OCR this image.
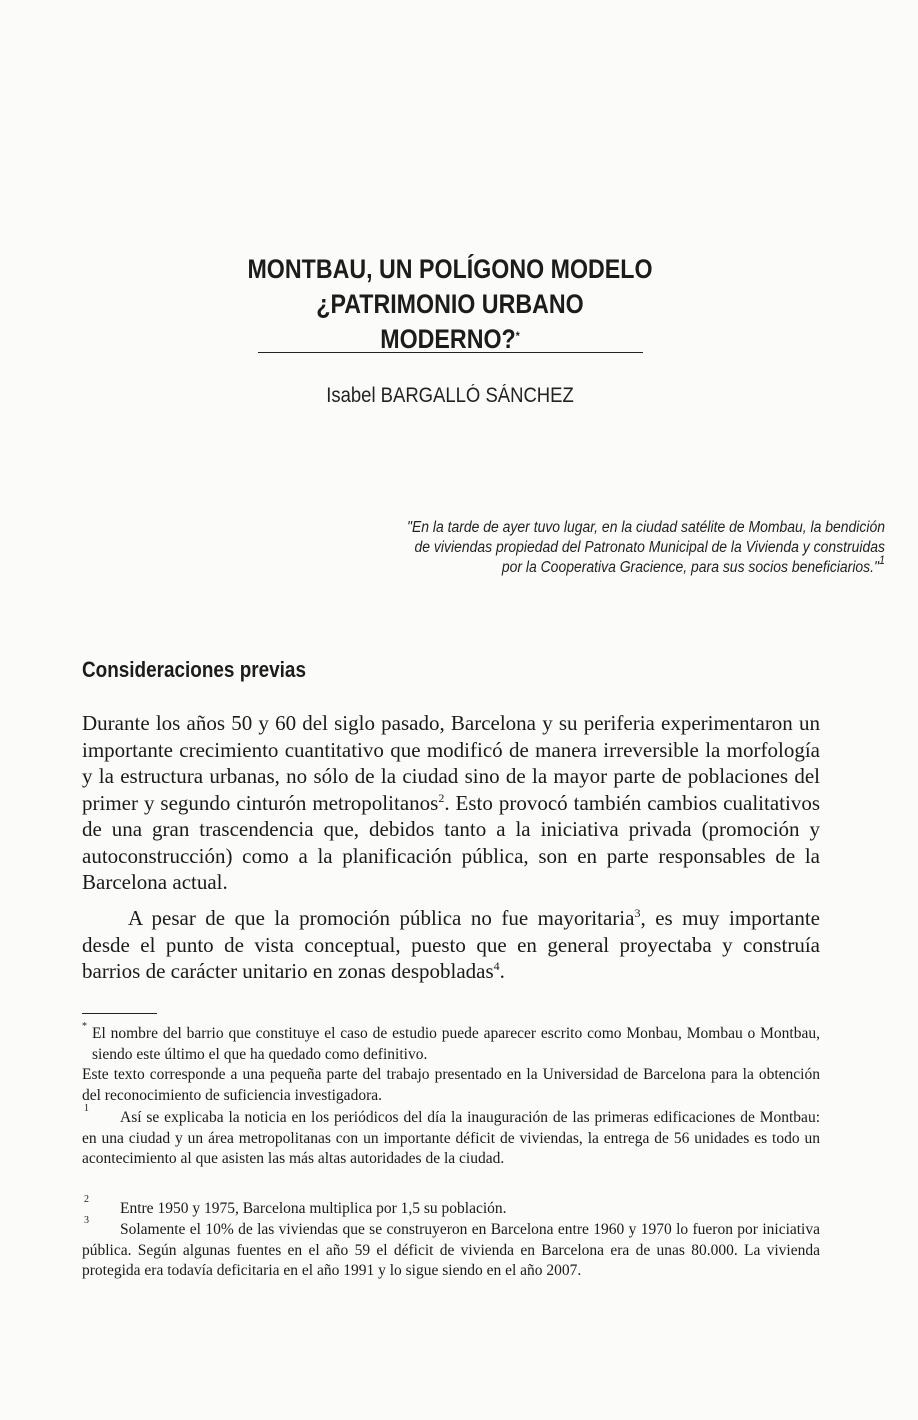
MONTBAU, UN POLÍGONO MODELO
¿PATRIMONIO URBANO
MODERNO?*
Isabel BARGALLÓ SÁNCHEZ
"En la tarde de ayer tuvo lugar, en la ciudad satélite de Mombau, la bendición
de viviendas propiedad del Patronato Municipal de la Vivienda y construidas
por la Cooperativa Gracience, para sus socios beneficiarios."$^1$
Consideraciones previas
Durante los años 50 y 60 del siglo pasado, Barcelona y su periferia experimentaron un importante crecimiento cuantitativo que modificó de manera irreversible la morfología y la estructura urbanas, no sólo de la ciudad sino de la mayor parte de poblaciones del primer y segundo cinturón metropolitanos$^2$. Esto provocó también cambios cualitativos de una gran trascendencia que, debidos tanto a la iniciativa privada (promoción y autoconstrucción) como a la planificación pública, son en parte responsables de la Barcelona actual.
A pesar de que la promoción pública no fue mayoritaria$^3$, es muy importante desde el punto de vista conceptual, puesto que en general proyectaba y construía barrios de carácter unitario en zonas despobladas$^4$.
* El nombre del barrio que constituye el caso de estudio puede aparecer escrito como Monbau, Mombau o Montbau, siendo este último el que ha quedado como definitivo.
Este texto corresponde a una pequeña parte del trabajo presentado en la Universidad de Barcelona para la obtención del reconocimiento de suficiencia investigadora.
1
Así se explicaba la noticia en los periódicos del día la inauguración de las primeras edificaciones de Montbau: en una ciudad y un área metropolitanas con un importante déficit de viviendas, la entrega de 56 unidades es todo un acontecimiento al que asisten las más altas autoridades de la ciudad.
2
Entre 1950 y 1975, Barcelona multiplica por 1,5 su población.
3
Solamente el 10% de las viviendas que se construyeron en Barcelona entre 1960 y 1970 lo fueron por iniciativa pública. Según algunas fuentes en el año 59 el déficit de vivienda en Barcelona era de unas 80.000. La vivienda protegida era todavía deficitaria en el año 1991 y lo sigue siendo en el año 2007.
